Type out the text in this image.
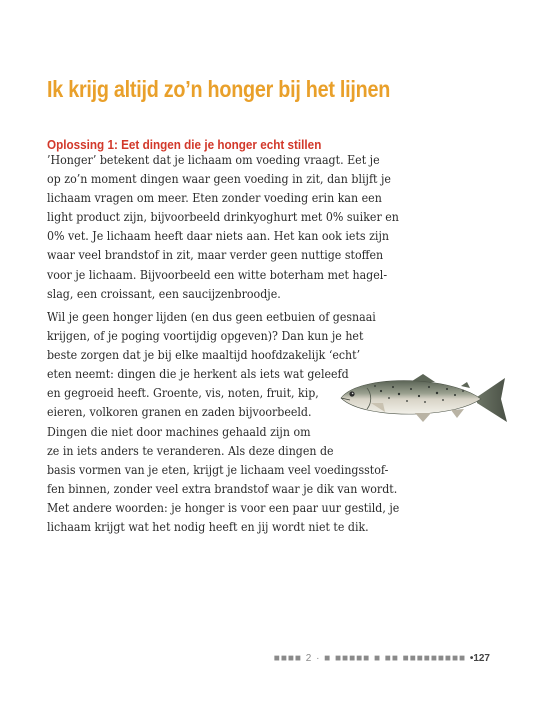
Ik krijg altijd zo’n honger bij het lijnen
Oplossing 1: Eet dingen die je honger echt stillen
’Honger’ betekent dat je lichaam om voeding vraagt. Eet je
op zo’n moment dingen waar geen voeding in zit, dan blijft je
lichaam vragen om meer. Eten zonder voeding erin kan een
light product zijn, bijvoorbeeld drinkyoghurt met 0% suiker en
0% vet. Je lichaam heeft daar niets aan. Het kan ook iets zijn
waar veel brandstof in zit, maar verder geen nuttige stoffen
voor je lichaam. Bijvoorbeeld een witte boterham met hagel-
slag, een croissant, een saucijzenbroodje.
Wil je geen honger lijden (en dus geen eetbuien of gesnaai
krijgen, of je poging voortijdig opgeven)? Dan kun je het
beste zorgen dat je bij elke maaltijd hoofdzakelijk ‘echt’
eten neemt: dingen die je herkent als iets wat geleefd
en gegroeid heeft. Groente, vis, noten, fruit, kip,
eieren, volkoren granen en zaden bijvoorbeeld.
Dingen die niet door machines gehaald zijn om
ze in iets anders te veranderen. Als deze dingen de
basis vormen van je eten, krijgt je lichaam veel voedingsstof-
fen binnen, zonder veel extra brandstof waar je dik van wordt.
Met andere woorden: je honger is voor een paar uur gestild, je
lichaam krijgt wat het nodig heeft en jij wordt niet te dik.
■■■■ 2 · ■ ■■■■■ ■ ■■ ■■■■■■■■■ •127
